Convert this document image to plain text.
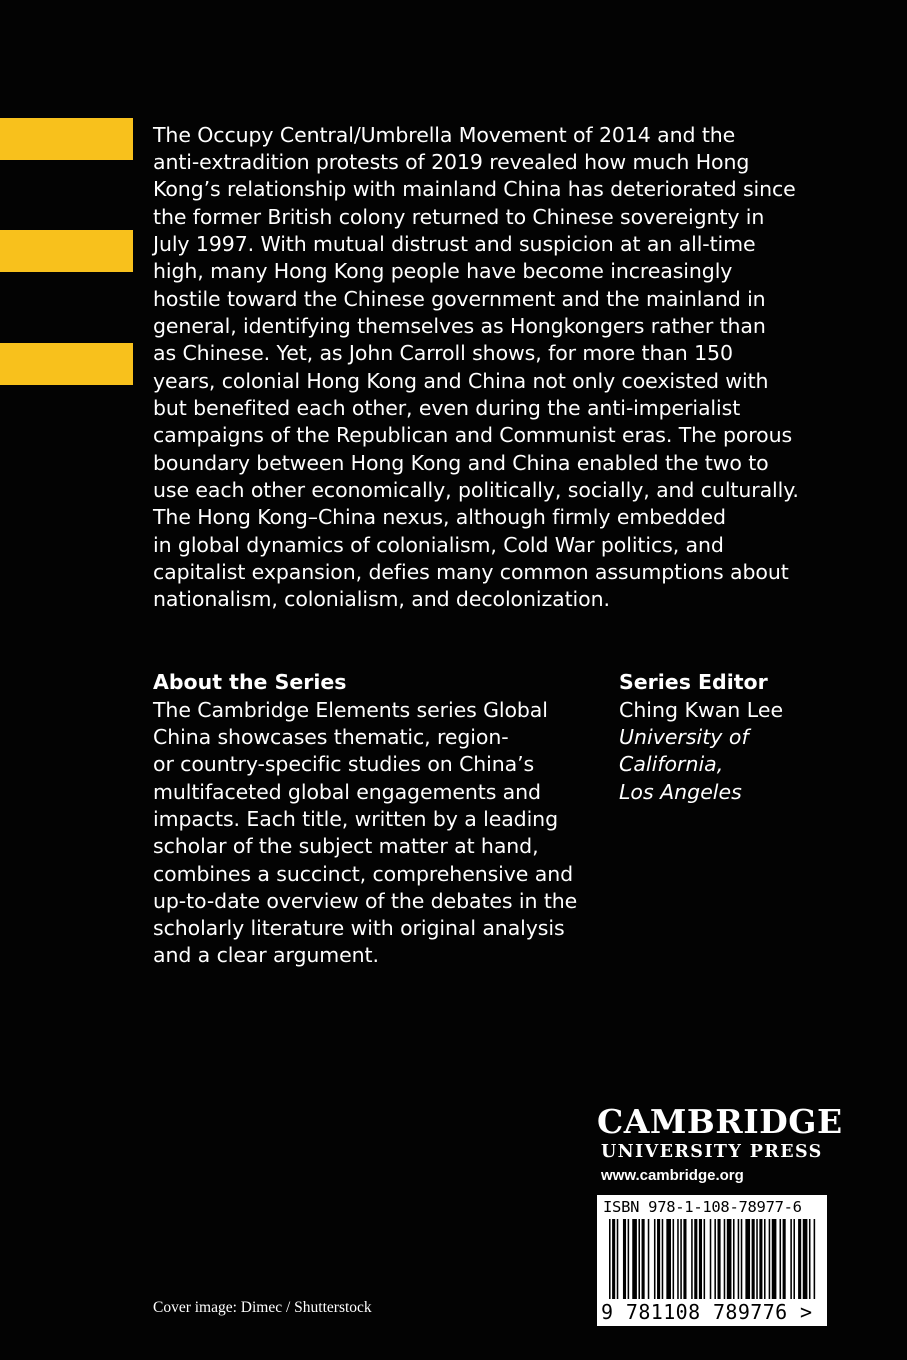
The Occupy Central/Umbrella Movement of 2014 and the
anti-extradition protests of 2019 revealed how much Hong
Kong’s relationship with mainland China has deteriorated since
the former British colony returned to Chinese sovereignty in
July 1997. With mutual distrust and suspicion at an all-time
high, many Hong Kong people have become increasingly
hostile toward the Chinese government and the mainland in
general, identifying themselves as Hongkongers rather than
as Chinese. Yet, as John Carroll shows, for more than 150
years, colonial Hong Kong and China not only coexisted with
but benefited each other, even during the anti-imperialist
campaigns of the Republican and Communist eras. The porous
boundary between Hong Kong and China enabled the two to
use each other economically, politically, socially, and culturally.
The Hong Kong–China nexus, although firmly embedded
in global dynamics of colonialism, Cold War politics, and
capitalist expansion, defies many common assumptions about
nationalism, colonialism, and decolonization.
About the Series
The Cambridge Elements series Global
China showcases thematic, region-
or country-specific studies on China’s
multifaceted global engagements and
impacts. Each title, written by a leading
scholar of the subject matter at hand,
combines a succinct, comprehensive and
up-to-date overview of the debates in the
scholarly literature with original analysis
and a clear argument.
Series Editor
Ching Kwan Lee
University of
California,
Los Angeles
CAMBRIDGE
UNIVERSITY PRESS
www.cambridge.org
ISBN 978-1-108-78977-6
9 781108 789776 >
Cover image: Dimec / Shutterstock
